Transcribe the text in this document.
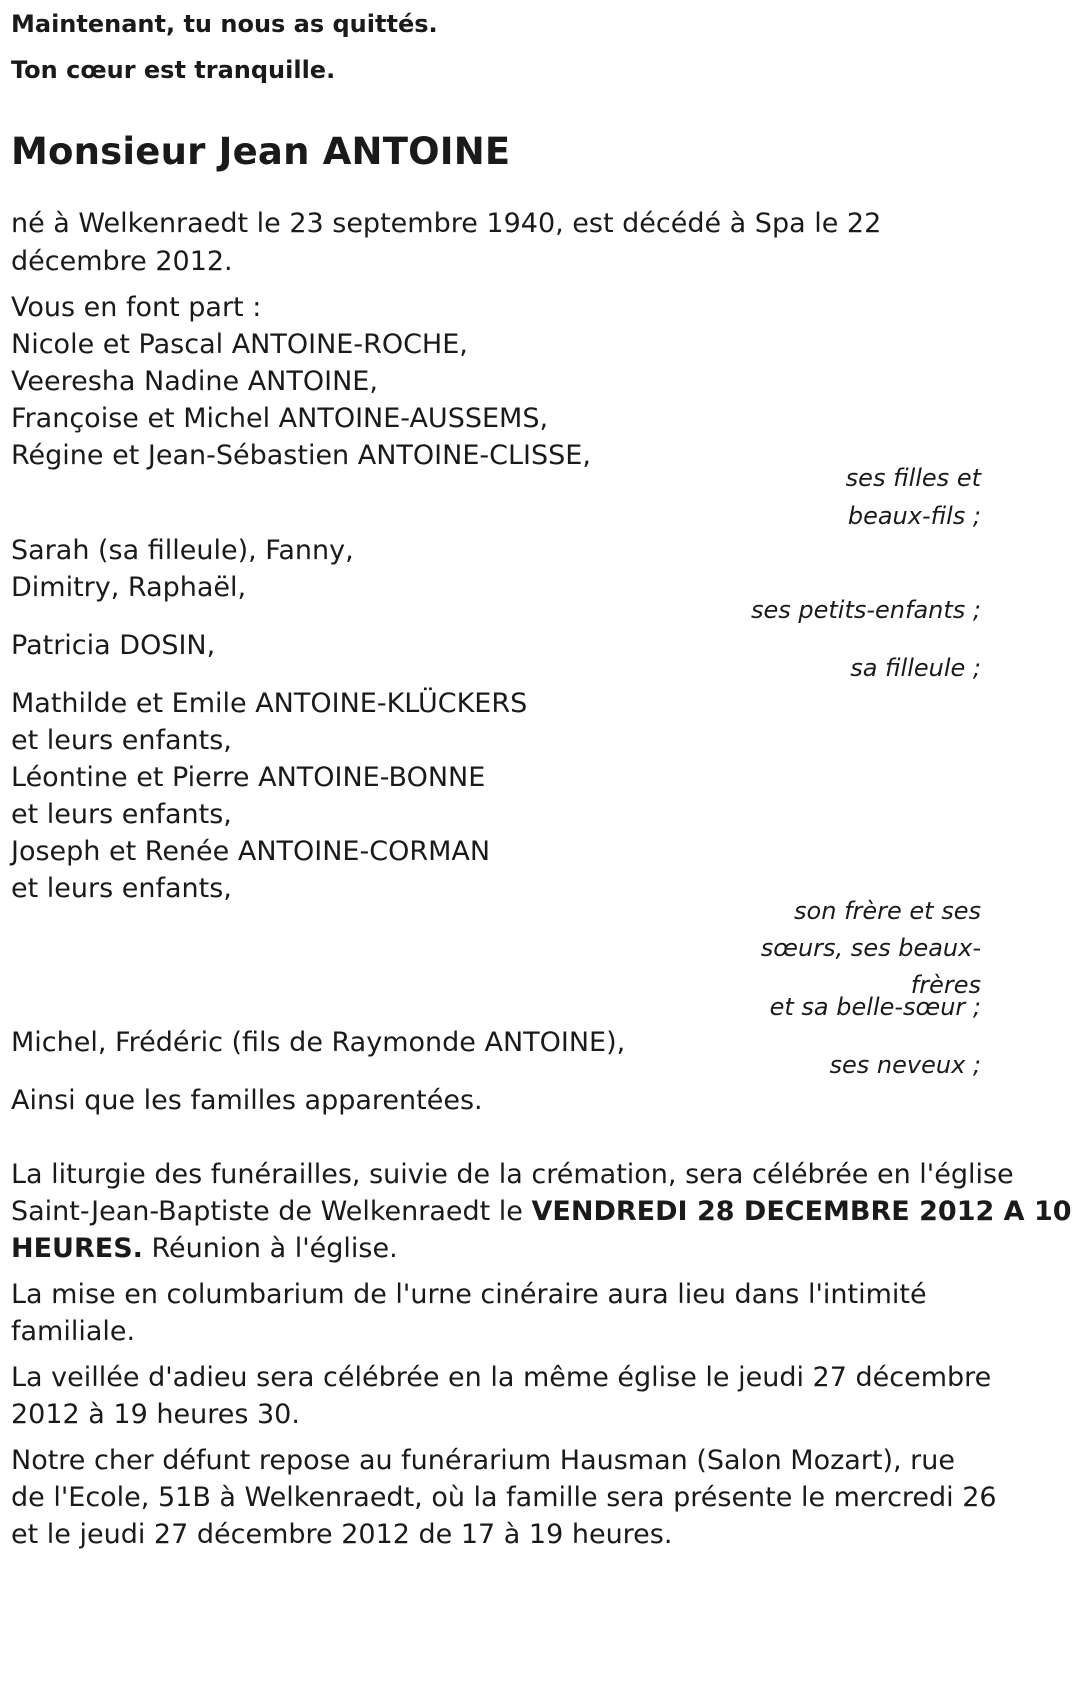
Maintenant, tu nous as quittés.
Ton cœur est tranquille.
Monsieur Jean ANTOINE
né à Welkenraedt le 23 septembre 1940, est décédé à Spa le 22
décembre 2012.
Vous en font part :
Nicole et Pascal ANTOINE-ROCHE,
Veeresha Nadine ANTOINE,
Françoise et Michel ANTOINE-AUSSEMS,
Régine et Jean-Sébastien ANTOINE-CLISSE,
ses filles et
beaux-fils ;
Sarah (sa filleule), Fanny,
Dimitry, Raphaël,
ses petits-enfants ;
Patricia DOSIN,
sa filleule ;
Mathilde et Emile ANTOINE-KLÜCKERS
et leurs enfants,
Léontine et Pierre ANTOINE-BONNE
et leurs enfants,
Joseph et Renée ANTOINE-CORMAN
et leurs enfants,
son frère et ses
sœurs, ses beaux-
frères
et sa belle-sœur ;
Michel, Frédéric (fils de Raymonde ANTOINE),
ses neveux ;
Ainsi que les familles apparentées.
La liturgie des funérailles, suivie de la crémation, sera célébrée en l'église
Saint-Jean-Baptiste de Welkenraedt le VENDREDI 28 DECEMBRE 2012 A 10
HEURES. Réunion à l'église.
La mise en columbarium de l'urne cinéraire aura lieu dans l'intimité
familiale.
La veillée d'adieu sera célébrée en la même église le jeudi 27 décembre
2012 à 19 heures 30.
Notre cher défunt repose au funérarium Hausman (Salon Mozart), rue
de l'Ecole, 51B à Welkenraedt, où la famille sera présente le mercredi 26
et le jeudi 27 décembre 2012 de 17 à 19 heures.
